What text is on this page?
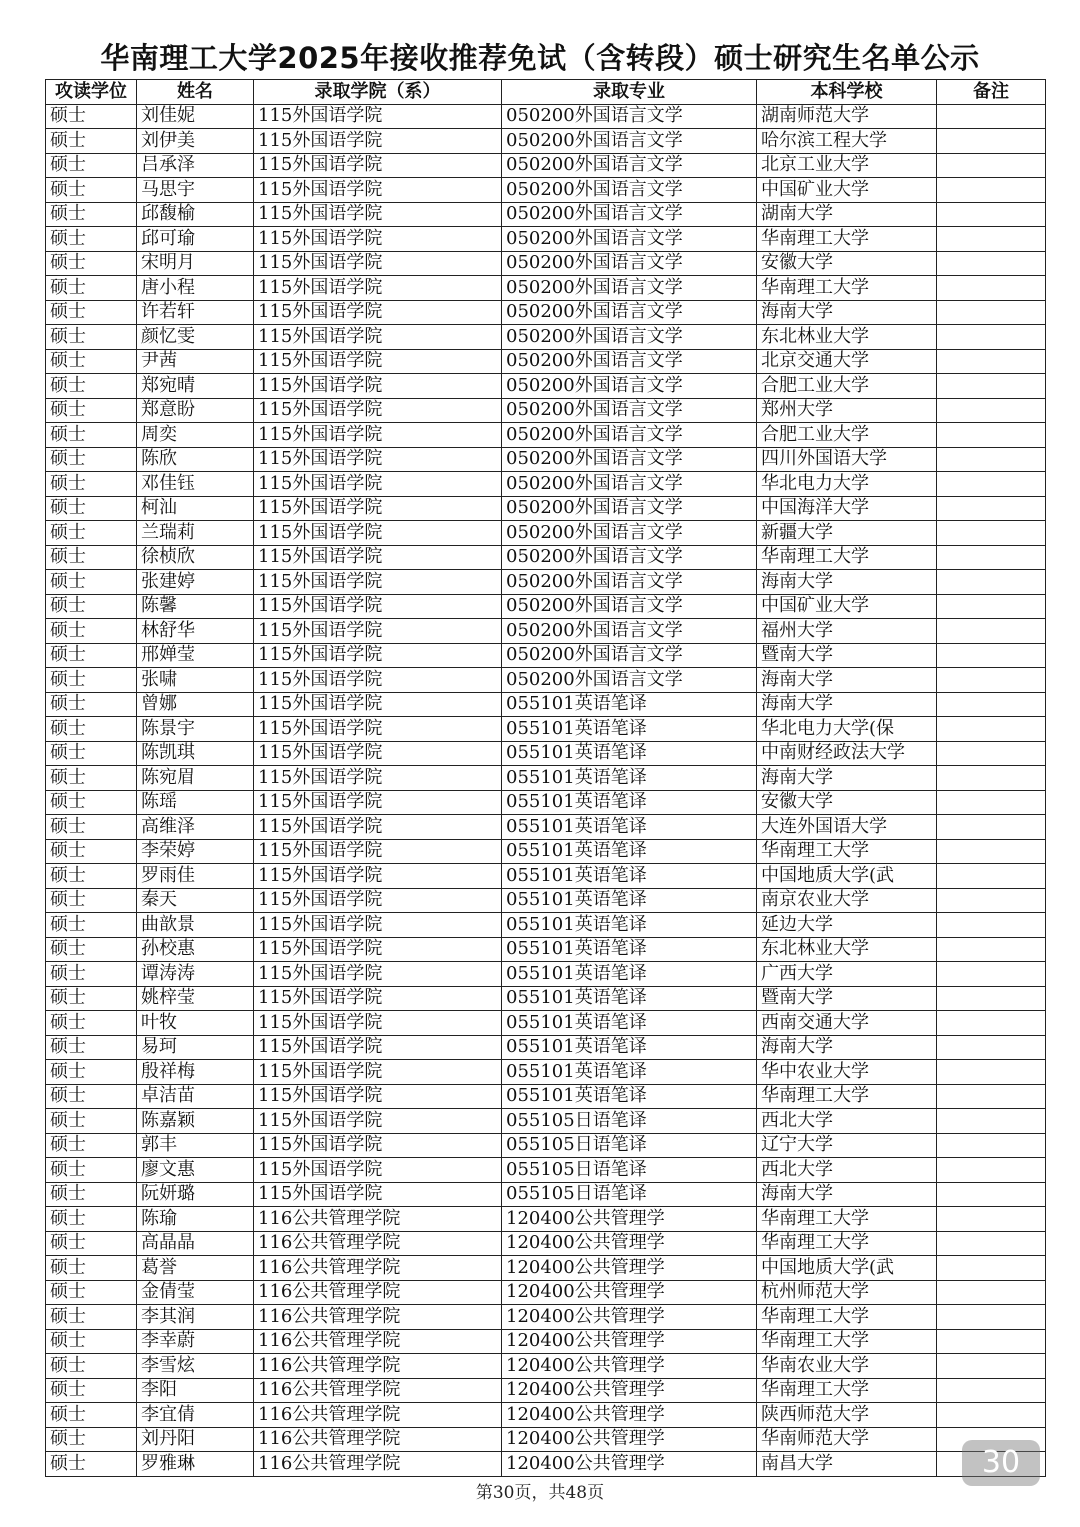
华南理工大学2025年接收推荐免试（含转段）硕士研究生名单公示
攻读学位	姓名	录取学院（系）	录取专业	本科学校	备注
硕士	刘佳妮	115外国语学院	050200外国语言文学	湖南师范大学	
硕士	刘伊美	115外国语学院	050200外国语言文学	哈尔滨工程大学	
硕士	吕承泽	115外国语学院	050200外国语言文学	北京工业大学	
硕士	马思宇	115外国语学院	050200外国语言文学	中国矿业大学	
硕士	邱馥榆	115外国语学院	050200外国语言文学	湖南大学	
硕士	邱可瑜	115外国语学院	050200外国语言文学	华南理工大学	
硕士	宋明月	115外国语学院	050200外国语言文学	安徽大学	
硕士	唐小程	115外国语学院	050200外国语言文学	华南理工大学	
硕士	许若轩	115外国语学院	050200外国语言文学	海南大学	
硕士	颜忆雯	115外国语学院	050200外国语言文学	东北林业大学	
硕士	尹茜	115外国语学院	050200外国语言文学	北京交通大学	
硕士	郑宛晴	115外国语学院	050200外国语言文学	合肥工业大学	
硕士	郑意盼	115外国语学院	050200外国语言文学	郑州大学	
硕士	周奕	115外国语学院	050200外国语言文学	合肥工业大学	
硕士	陈欣	115外国语学院	050200外国语言文学	四川外国语大学	
硕士	邓佳钰	115外国语学院	050200外国语言文学	华北电力大学	
硕士	柯汕	115外国语学院	050200外国语言文学	中国海洋大学	
硕士	兰瑞莉	115外国语学院	050200外国语言文学	新疆大学	
硕士	徐桢欣	115外国语学院	050200外国语言文学	华南理工大学	
硕士	张建婷	115外国语学院	050200外国语言文学	海南大学	
硕士	陈馨	115外国语学院	050200外国语言文学	中国矿业大学	
硕士	林舒华	115外国语学院	050200外国语言文学	福州大学	
硕士	邢婵莹	115外国语学院	050200外国语言文学	暨南大学	
硕士	张啸	115外国语学院	050200外国语言文学	海南大学	
硕士	曾娜	115外国语学院	055101英语笔译	海南大学	
硕士	陈景宇	115外国语学院	055101英语笔译	华北电力大学(保	
硕士	陈凯琪	115外国语学院	055101英语笔译	中南财经政法大学	
硕士	陈宛眉	115外国语学院	055101英语笔译	海南大学	
硕士	陈瑶	115外国语学院	055101英语笔译	安徽大学	
硕士	高维泽	115外国语学院	055101英语笔译	大连外国语大学	
硕士	李荣婷	115外国语学院	055101英语笔译	华南理工大学	
硕士	罗雨佳	115外国语学院	055101英语笔译	中国地质大学(武	
硕士	秦天	115外国语学院	055101英语笔译	南京农业大学	
硕士	曲歆景	115外国语学院	055101英语笔译	延边大学	
硕士	孙校惠	115外国语学院	055101英语笔译	东北林业大学	
硕士	谭涛涛	115外国语学院	055101英语笔译	广西大学	
硕士	姚梓莹	115外国语学院	055101英语笔译	暨南大学	
硕士	叶牧	115外国语学院	055101英语笔译	西南交通大学	
硕士	易珂	115外国语学院	055101英语笔译	海南大学	
硕士	殷祥梅	115外国语学院	055101英语笔译	华中农业大学	
硕士	卓洁苗	115外国语学院	055101英语笔译	华南理工大学	
硕士	陈嘉颖	115外国语学院	055105日语笔译	西北大学	
硕士	郭丰	115外国语学院	055105日语笔译	辽宁大学	
硕士	廖文惠	115外国语学院	055105日语笔译	西北大学	
硕士	阮妍璐	115外国语学院	055105日语笔译	海南大学	
硕士	陈瑜	116公共管理学院	120400公共管理学	华南理工大学	
硕士	高晶晶	116公共管理学院	120400公共管理学	华南理工大学	
硕士	葛誉	116公共管理学院	120400公共管理学	中国地质大学(武	
硕士	金倩莹	116公共管理学院	120400公共管理学	杭州师范大学	
硕士	李其润	116公共管理学院	120400公共管理学	华南理工大学	
硕士	李幸蔚	116公共管理学院	120400公共管理学	华南理工大学	
硕士	李雪炫	116公共管理学院	120400公共管理学	华南农业大学	
硕士	李阳	116公共管理学院	120400公共管理学	华南理工大学	
硕士	李宜倩	116公共管理学院	120400公共管理学	陕西师范大学	
硕士	刘丹阳	116公共管理学院	120400公共管理学	华南师范大学	
硕士	罗雅琳	116公共管理学院	120400公共管理学	南昌大学	
第30页，共48页
30
